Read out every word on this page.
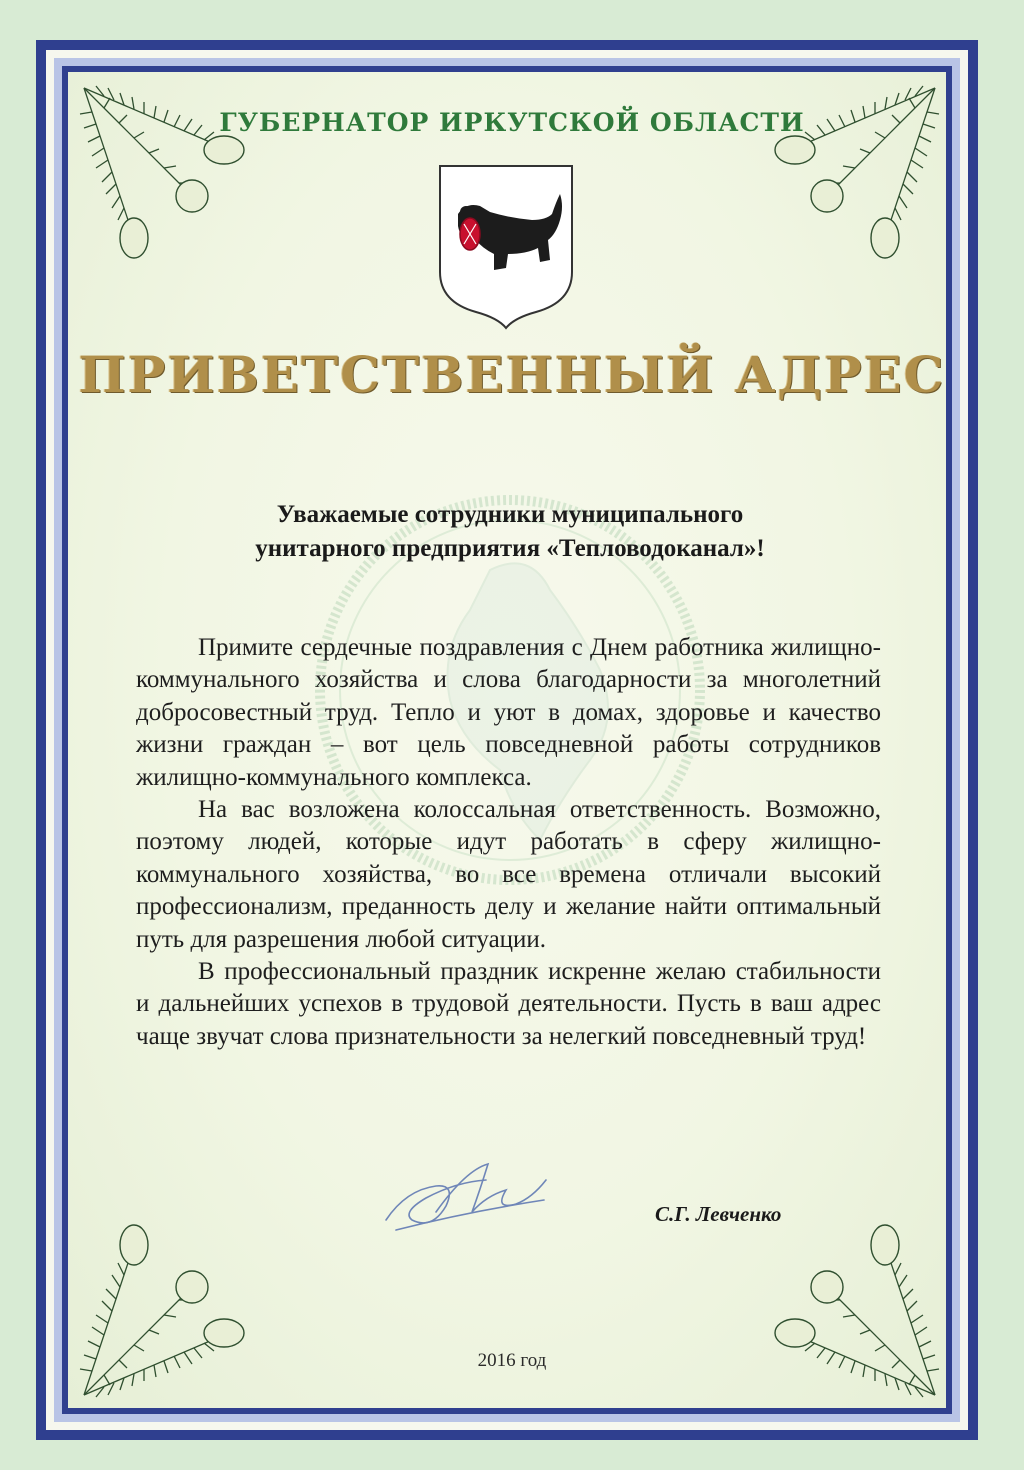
ГУБЕРНАТОР ИРКУТСКОЙ ОБЛАСТИ
ПРИВЕТСТВЕННЫЙ АДРЕС
Уважаемые сотрудники муниципального
унитарного предприятия «Тепловодоканал»!

Примите сердечные поздравления с Днем работника жилищно-коммунального хозяйства и слова благодарности за многолетний добросовестный труд. Тепло и уют в домах, здоровье и качество жизни граждан – вот цель повседневной работы сотрудников жилищно-коммунального комплекса.

На вас возложена колоссальная ответственность. Возможно, поэтому людей, которые идут работать в сферу жилищно-коммунального хозяйства, во все времена отличали высокий профессионализм, преданность делу и желание найти оптимальный путь для разрешения любой ситуации.

В профессиональный праздник искренне желаю стабильности и дальнейших успехов в трудовой деятельности. Пусть в ваш адрес чаще звучат слова признательности за нелегкий повседневный труд!

С.Г. Левченко
2016 год
